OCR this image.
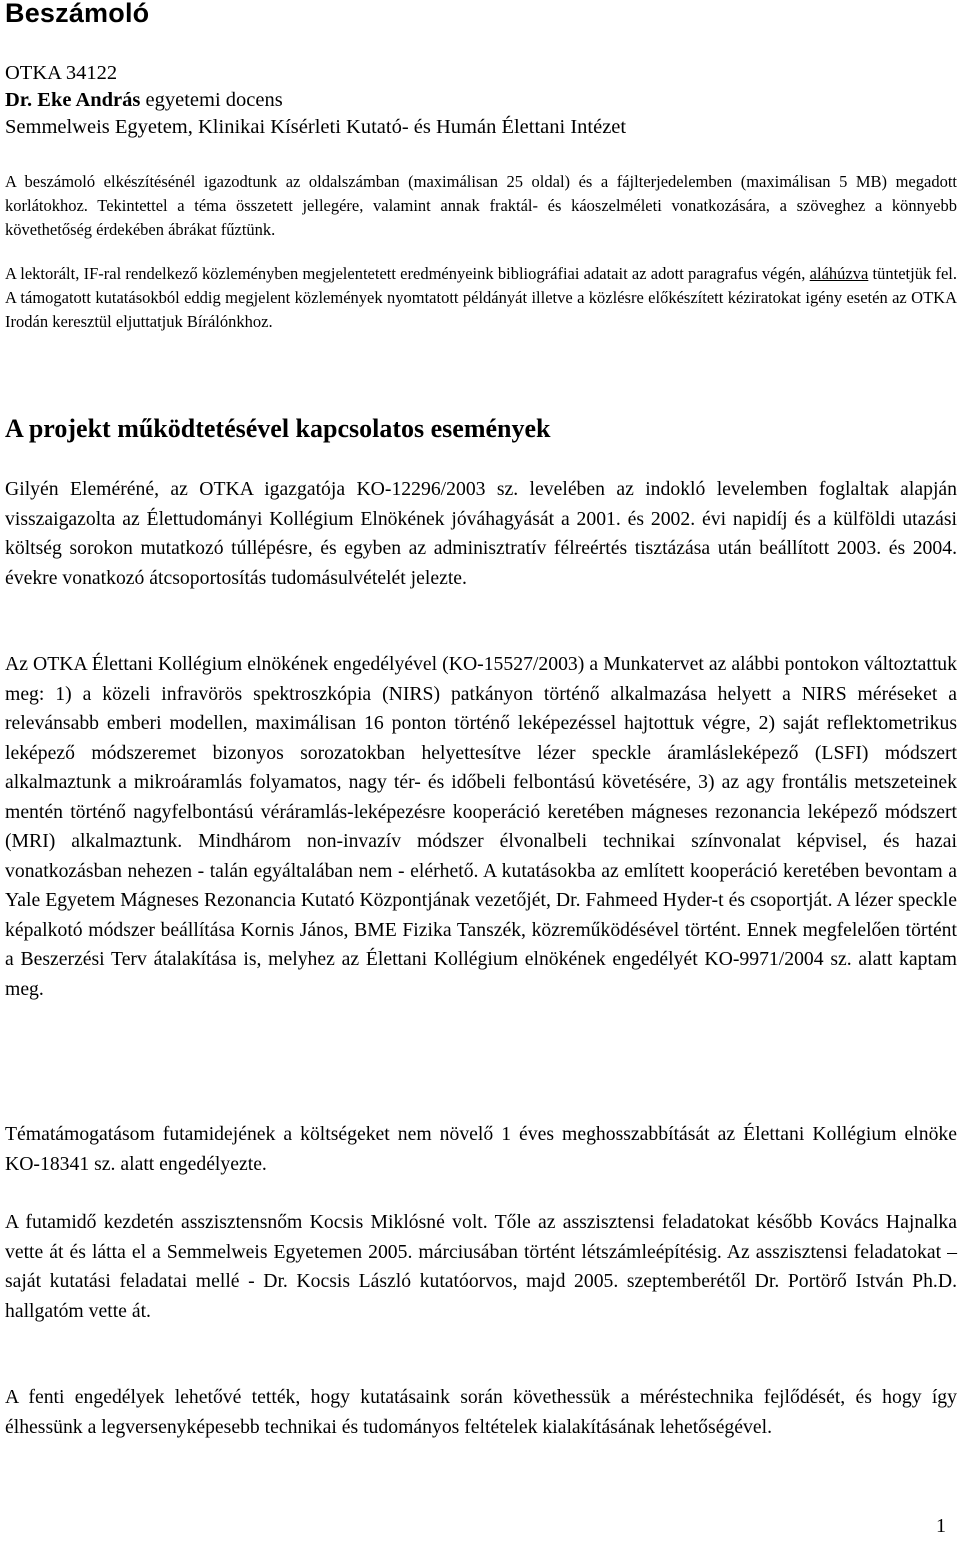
Beszámoló
OTKA 34122
Dr. Eke András egyetemi docens
Semmelweis Egyetem, Klinikai Kísérleti Kutató- és Humán Élettani Intézet

A beszámoló elkészítésénél igazodtunk az oldalszámban (maximálisan 25 oldal) és a fájlterjedelemben (maximálisan 5 MB) megadott korlátokhoz. Tekintettel a téma összetett jellegére, valamint annak fraktál- és káoszelméleti vonatkozására, a szöveghez a könnyebb követhetőség érdekében ábrákat fűztünk.

A lektorált, IF-ral rendelkező közleményben megjelentetett eredményeink bibliográfiai adatait az adott paragrafus végén, aláhúzva tüntetjük fel. A támogatott kutatásokból eddig megjelent közlemények nyomtatott példányát illetve a közlésre előkészített kéziratokat igény esetén az OTKA Irodán keresztül eljuttatjuk Bírálónkhoz.

A projekt működtetésével kapcsolatos események

Gilyén Eleméréné, az OTKA igazgatója KO-12296/2003 sz. levelében az indokló levelemben foglaltak alapján visszaigazolta az Élettudományi Kollégium Elnökének jóváhagyását a 2001. és 2002. évi napidíj és a külföldi utazási költség sorokon mutatkozó túllépésre, és egyben az adminisztratív félreértés tisztázása után beállított 2003. és 2004. évekre vonatkozó átcsoportosítás tudomásulvételét jelezte.

Az OTKA Élettani Kollégium elnökének engedélyével (KO-15527/2003) a Munkatervet az alábbi pontokon változtattuk meg: 1) a közeli infravörös spektroszkópia (NIRS) patkányon történő alkalmazása helyett a NIRS méréseket a relevánsabb emberi modellen, maximálisan 16 ponton történő leképezéssel hajtottuk végre, 2) saját reflektometrikus leképező módszeremet bizonyos sorozatokban helyettesítve lézer speckle áramlásleképező (LSFI) módszert alkalmaztunk a mikroáramlás folyamatos, nagy tér- és időbeli felbontású követésére, 3) az agy frontális metszeteinek mentén történő nagyfelbontású véráramlás-leképezésre kooperáció keretében mágneses rezonancia leképező módszert (MRI) alkalmaztunk. Mindhárom non-invazív módszer élvonalbeli technikai színvonalat képvisel, és hazai vonatkozásban nehezen - talán egyáltalában nem - elérhető. A kutatásokba az említett kooperáció keretében bevontam a Yale Egyetem Mágneses Rezonancia Kutató Központjának vezetőjét, Dr. Fahmeed Hyder-t és csoportját. A lézer speckle képalkotó módszer beállítása Kornis János, BME Fizika Tanszék, közreműködésével történt. Ennek megfelelően történt a Beszerzési Terv átalakítása is, melyhez az Élettani Kollégium elnökének engedélyét KO-9971/2004 sz. alatt kaptam meg.

Tématámogatásom futamidejének a költségeket nem növelő 1 éves meghosszabbítását az Élettani Kollégium elnöke KO-18341 sz. alatt engedélyezte.

A futamidő kezdetén asszisztensnőm Kocsis Miklósné volt. Tőle az asszisztensi feladatokat később Kovács Hajnalka vette át és látta el a Semmelweis Egyetemen 2005. márciusában történt létszámleépítésig. Az asszisztensi feladatokat – saját kutatási feladatai mellé - Dr. Kocsis László kutatóorvos, majd 2005. szeptemberétől Dr. Portörő István Ph.D. hallgatóm vette át.

A fenti engedélyek lehetővé tették, hogy kutatásaink során követhessük a méréstechnika fejlődését, és hogy így élhessünk a legversenyképesebb technikai és tudományos feltételek kialakításának lehetőségével.

1
